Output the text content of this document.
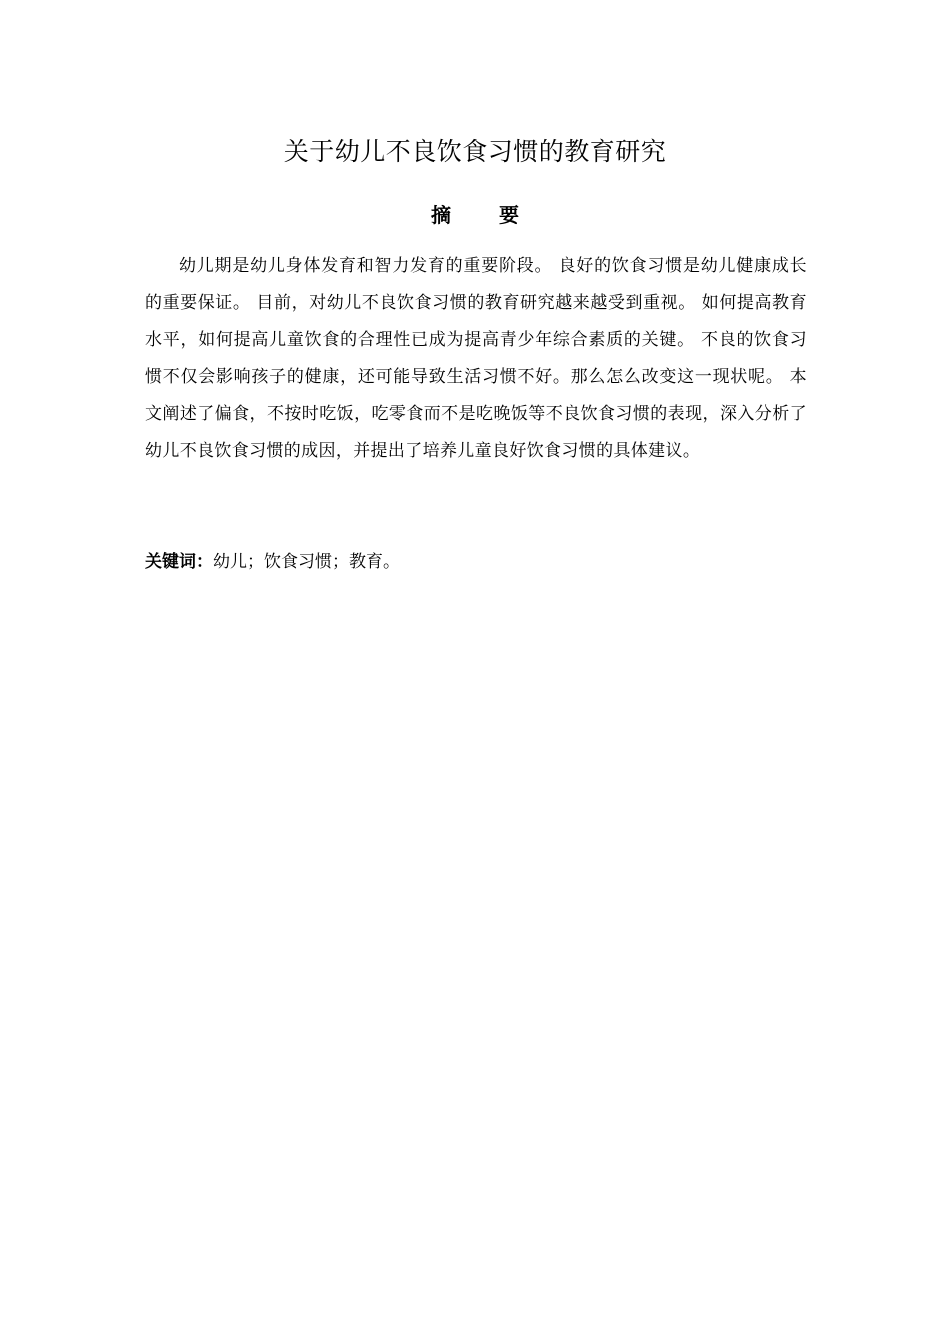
关于幼儿不良饮食习惯的教育研究
摘 要

幼儿期是幼儿身体发育和智力发育的重要阶段。 良好的饮食习惯是幼儿健康成长的重要保证。 目前，对幼儿不良饮食习惯的教育研究越来越受到重视。 如何提高教育水平，如何提高儿童饮食的合理性已成为提高青少年综合素质的关键。 不良的饮食习惯不仅会影响孩子的健康，还可能导致生活习惯不好。那么怎么改变这一现状呢。 本文阐述了偏食，不按时吃饭，吃零食而不是吃晚饭等不良饮食习惯的表现，深入分析了幼儿不良饮食习惯的成因，并提出了培养儿童良好饮食习惯的具体建议。

关键词：幼儿；饮食习惯；教育。
